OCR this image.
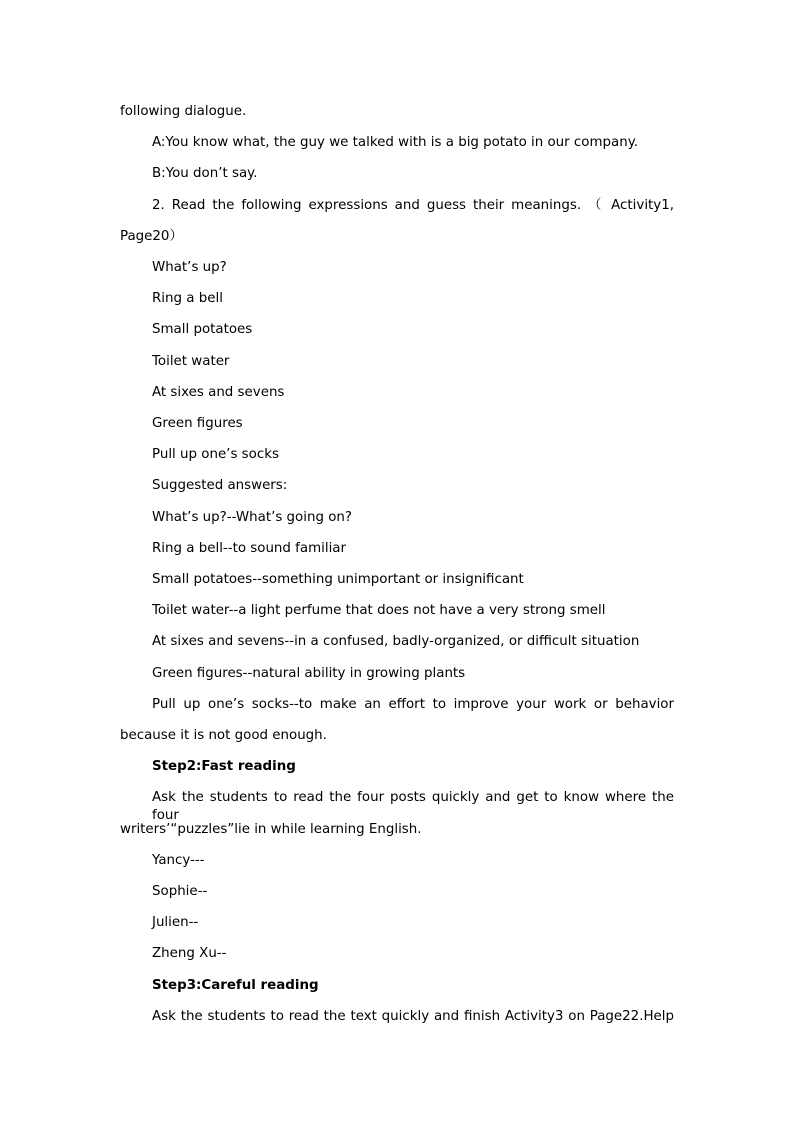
following dialogue.
A:You know what, the guy we talked with is a big potato in our company.
B:You don’t say.
2. Read the following expressions and guess their meanings. （ Activity1,
Page20）
What’s up?
Ring a bell
Small potatoes
Toilet water
At sixes and sevens
Green figures
Pull up one’s socks
Suggested answers:
What’s up?--What’s going on?
Ring a bell--to sound familiar
Small potatoes--something unimportant or insignificant
Toilet water--a light perfume that does not have a very strong smell
At sixes and sevens--in a confused, badly-organized, or difficult situation
Green figures--natural ability in growing plants
Pull up one’s socks--to make an effort to improve your work or behavior
because it is not good enough.
Step2:Fast reading
Ask the students to read the four posts quickly and get to know where the four
writers’“puzzles”lie in while learning English.
Yancy---
Sophie--
Julien--
Zheng Xu--
Step3:Careful reading
Ask the students to read the text quickly and finish Activity3 on Page22.Help
